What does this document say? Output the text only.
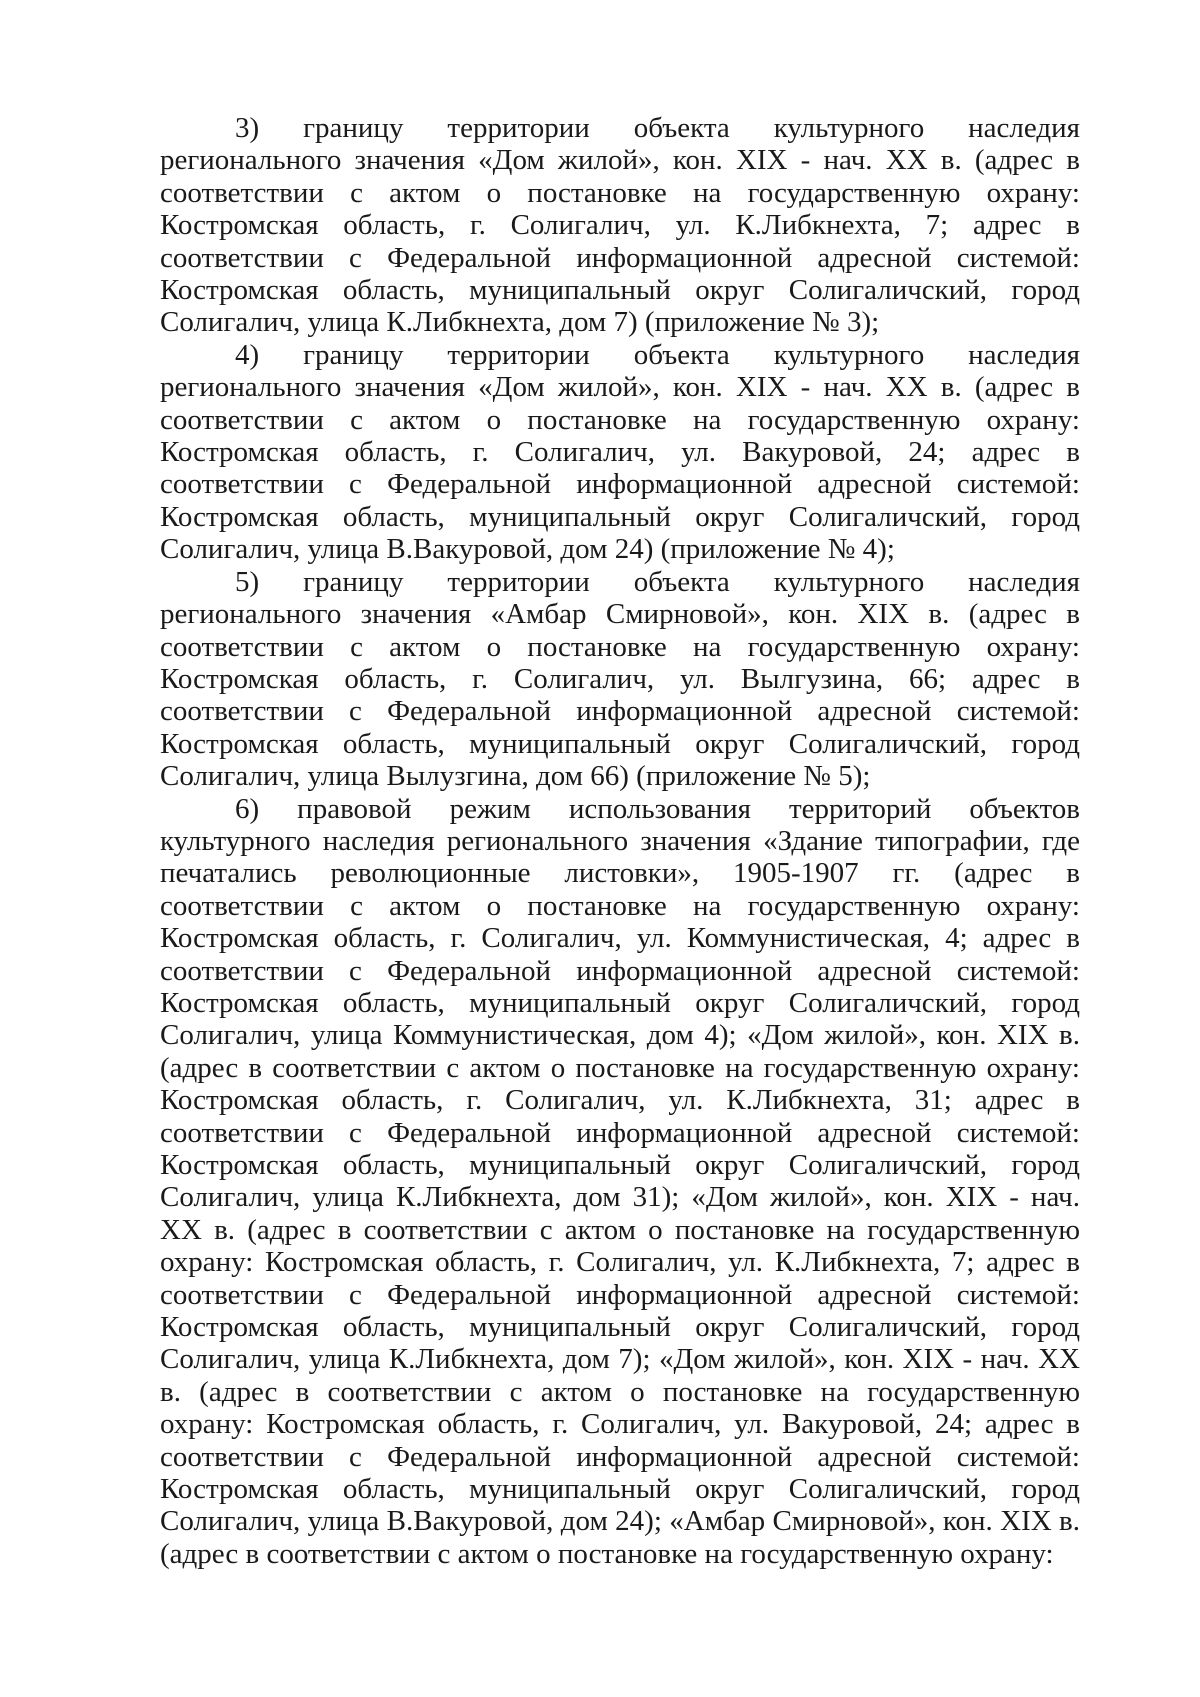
3) границу территории объекта культурного наследия регионального значения «Дом жилой», кон. XIX - нач. XX в. (адрес в соответствии с актом о постановке на государственную охрану: Костромская область, г. Солигалич, ул. К.Либкнехта, 7; адрес в соответствии с Федеральной информационной адресной системой: Костромская область, муниципальный округ Солигаличский, город Солигалич, улица К.Либкнехта, дом 7) (приложение № 3);

4) границу территории объекта культурного наследия регионального значения «Дом жилой», кон. XIX - нач. XX в. (адрес в соответствии с актом о постановке на государственную охрану: Костромская область, г. Солигалич, ул. Вакуровой, 24; адрес в соответствии с Федеральной информационной адресной системой: Костромская область, муниципальный округ Солигаличский, город Солигалич, улица В.Вакуровой, дом 24) (приложение № 4);

5) границу территории объекта культурного наследия регионального значения «Амбар Смирновой», кон. XIX в. (адрес в соответствии с актом о постановке на государственную охрану: Костромская область, г. Солигалич, ул. Вылгузина, 66; адрес в соответствии с Федеральной информационной адресной системой: Костромская область, муниципальный округ Солигаличский, город Солигалич, улица Вылузгина, дом 66) (приложение № 5);

6) правовой режим использования территорий объектов культурного наследия регионального значения «Здание типографии, где печатались революционные листовки», 1905-1907 гг. (адрес в соответствии с актом о постановке на государственную охрану: Костромская область, г. Солигалич, ул. Коммунистическая, 4; адрес в соответствии с Федеральной информационной адресной системой: Костромская область, муниципальный округ Солигаличский, город Солигалич, улица Коммунистическая, дом 4); «Дом жилой», кон. XIX в. (адрес в соответствии с актом о постановке на государственную охрану: Костромская область, г. Солигалич, ул. К.Либкнехта, 31; адрес в соответствии с Федеральной информационной адресной системой: Костромская область, муниципальный округ Солигаличский, город Солигалич, улица К.Либкнехта, дом 31); «Дом жилой», кон. XIX - нач. XX в. (адрес в соответствии с актом о постановке на государственную охрану: Костромская область, г. Солигалич, ул. К.Либкнехта, 7; адрес в соответствии с Федеральной информационной адресной системой: Костромская область, муниципальный округ Солигаличский, город Солигалич, улица К.Либкнехта, дом 7); «Дом жилой», кон. XIX - нач. XX в. (адрес в соответствии с актом о постановке на государственную охрану: Костромская область, г. Солигалич, ул. Вакуровой, 24; адрес в соответствии с Федеральной информационной адресной системой: Костромская область, муниципальный округ Солигаличский, город Солигалич, улица В.Вакуровой, дом 24); «Амбар Смирновой», кон. XIX в. (адрес в соответствии с актом о постановке на государственную охрану:
